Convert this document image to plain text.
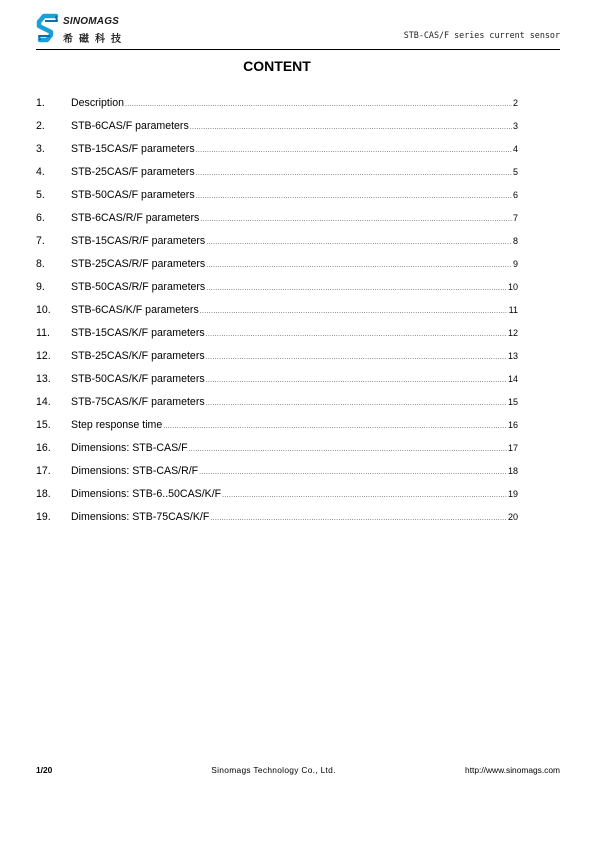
SINOMAGS
希磁科技	STB-CAS/F series current sensor
CONTENT
1.	Description .....	2
2.	STB-6CAS/F parameters .....	3
3.	STB-15CAS/F parameters .....	4
4.	STB-25CAS/F parameters .....	5
5.	STB-50CAS/F parameters .....	6
6.	STB-6CAS/R/F parameters .....	7
7.	STB-15CAS/R/F parameters .....	8
8.	STB-25CAS/R/F parameters .....	9
9.	STB-50CAS/R/F parameters .....	10
10.	STB-6CAS/K/F parameters .....	11
11.	STB-15CAS/K/F parameters .....	12
12.	STB-25CAS/K/F parameters .....	13
13.	STB-50CAS/K/F parameters .....	14
14.	STB-75CAS/K/F parameters .....	15
15.	Step response time .....	16
16.	Dimensions: STB-CAS/F .....	17
17.	Dimensions: STB-CAS/R/F .....	18
18.	Dimensions: STB-6..50CAS/K/F .....	19
19.	Dimensions: STB-75CAS/K/F .....	20
1/20	Sinomags Technology Co., Ltd.	http://www.sinomags.com
